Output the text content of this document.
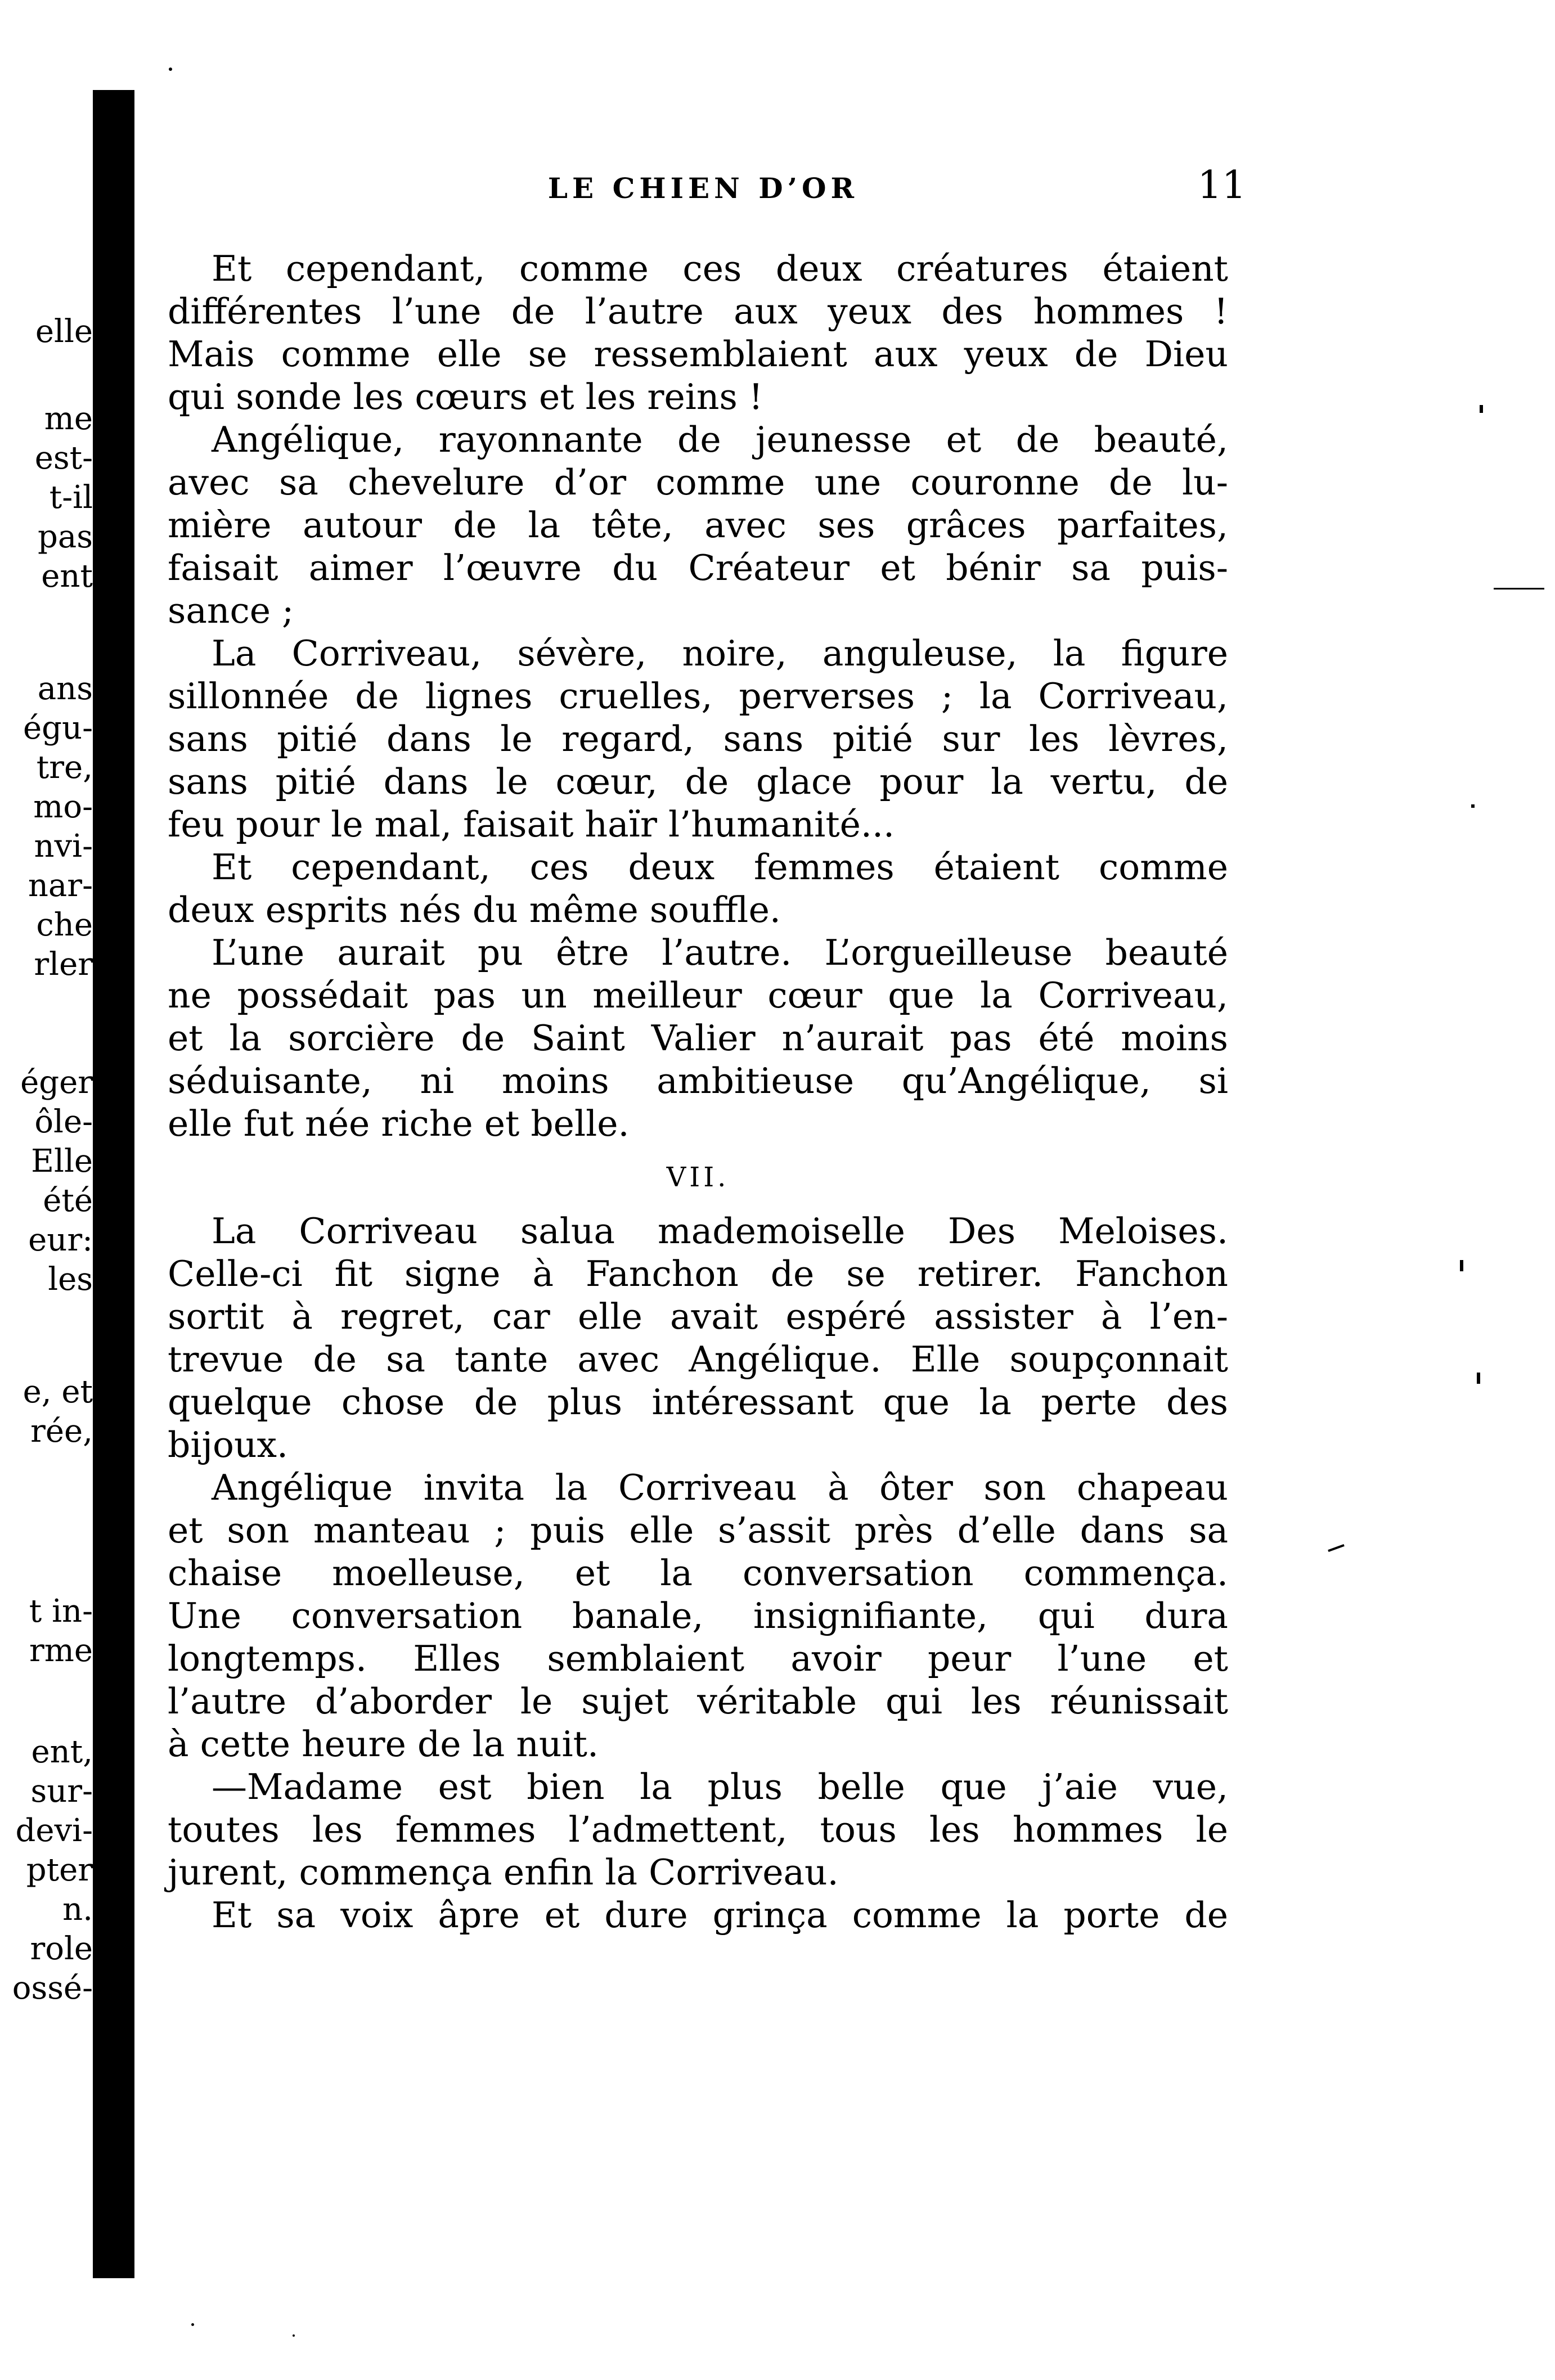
elle
me
est-
t-il
pas
ent
ans
égu-
tre,
mo-
nvi-
nar-
che
rler
éger
ôle-
Elle
été
eur:
les
e, et
rée,
t in-
rme
ent,
sur-
devi-
pter
n.
role
ossé-
LE CHIEN D’OR	11
Et cependant, comme ces deux créatures étaient
différentes l’une de l’autre aux yeux des hommes !
Mais comme elle se ressemblaient aux yeux de Dieu
qui sonde les cœurs et les reins !
Angélique, rayonnante de jeunesse et de beauté,
avec sa chevelure d’or comme une couronne de lu-
mière autour de la tête, avec ses grâces parfaites,
faisait aimer l’œuvre du Créateur et bénir sa puis-
sance ;
La Corriveau, sévère, noire, anguleuse, la figure
sillonnée de lignes cruelles, perverses ; la Corriveau,
sans pitié dans le regard, sans pitié sur les lèvres,
sans pitié dans le cœur, de glace pour la vertu, de
feu pour le mal, faisait haïr l’humanité...
Et cependant, ces deux femmes étaient comme
deux esprits nés du même souffle.
L’une aurait pu être l’autre. L’orgueilleuse beauté
ne possédait pas un meilleur cœur que la Corriveau,
et la sorcière de Saint Valier n’aurait pas été moins
séduisante, ni moins ambitieuse qu’Angélique, si
elle fut née riche et belle.
VII.
La Corriveau salua mademoiselle Des Meloises.
Celle-ci fit signe à Fanchon de se retirer. Fanchon
sortit à regret, car elle avait espéré assister à l’en-
trevue de sa tante avec Angélique. Elle soupçonnait
quelque chose de plus intéressant que la perte des
bijoux.
Angélique invita la Corriveau à ôter son chapeau
et son manteau ; puis elle s’assit près d’elle dans sa
chaise moelleuse, et la conversation commença.
Une conversation banale, insignifiante, qui dura
longtemps. Elles semblaient avoir peur l’une et
l’autre d’aborder le sujet véritable qui les réunissait
à cette heure de la nuit.
—Madame est bien la plus belle que j’aie vue,
toutes les femmes l’admettent, tous les hommes le
jurent, commença enfin la Corriveau.
Et sa voix âpre et dure grinça comme la porte de
